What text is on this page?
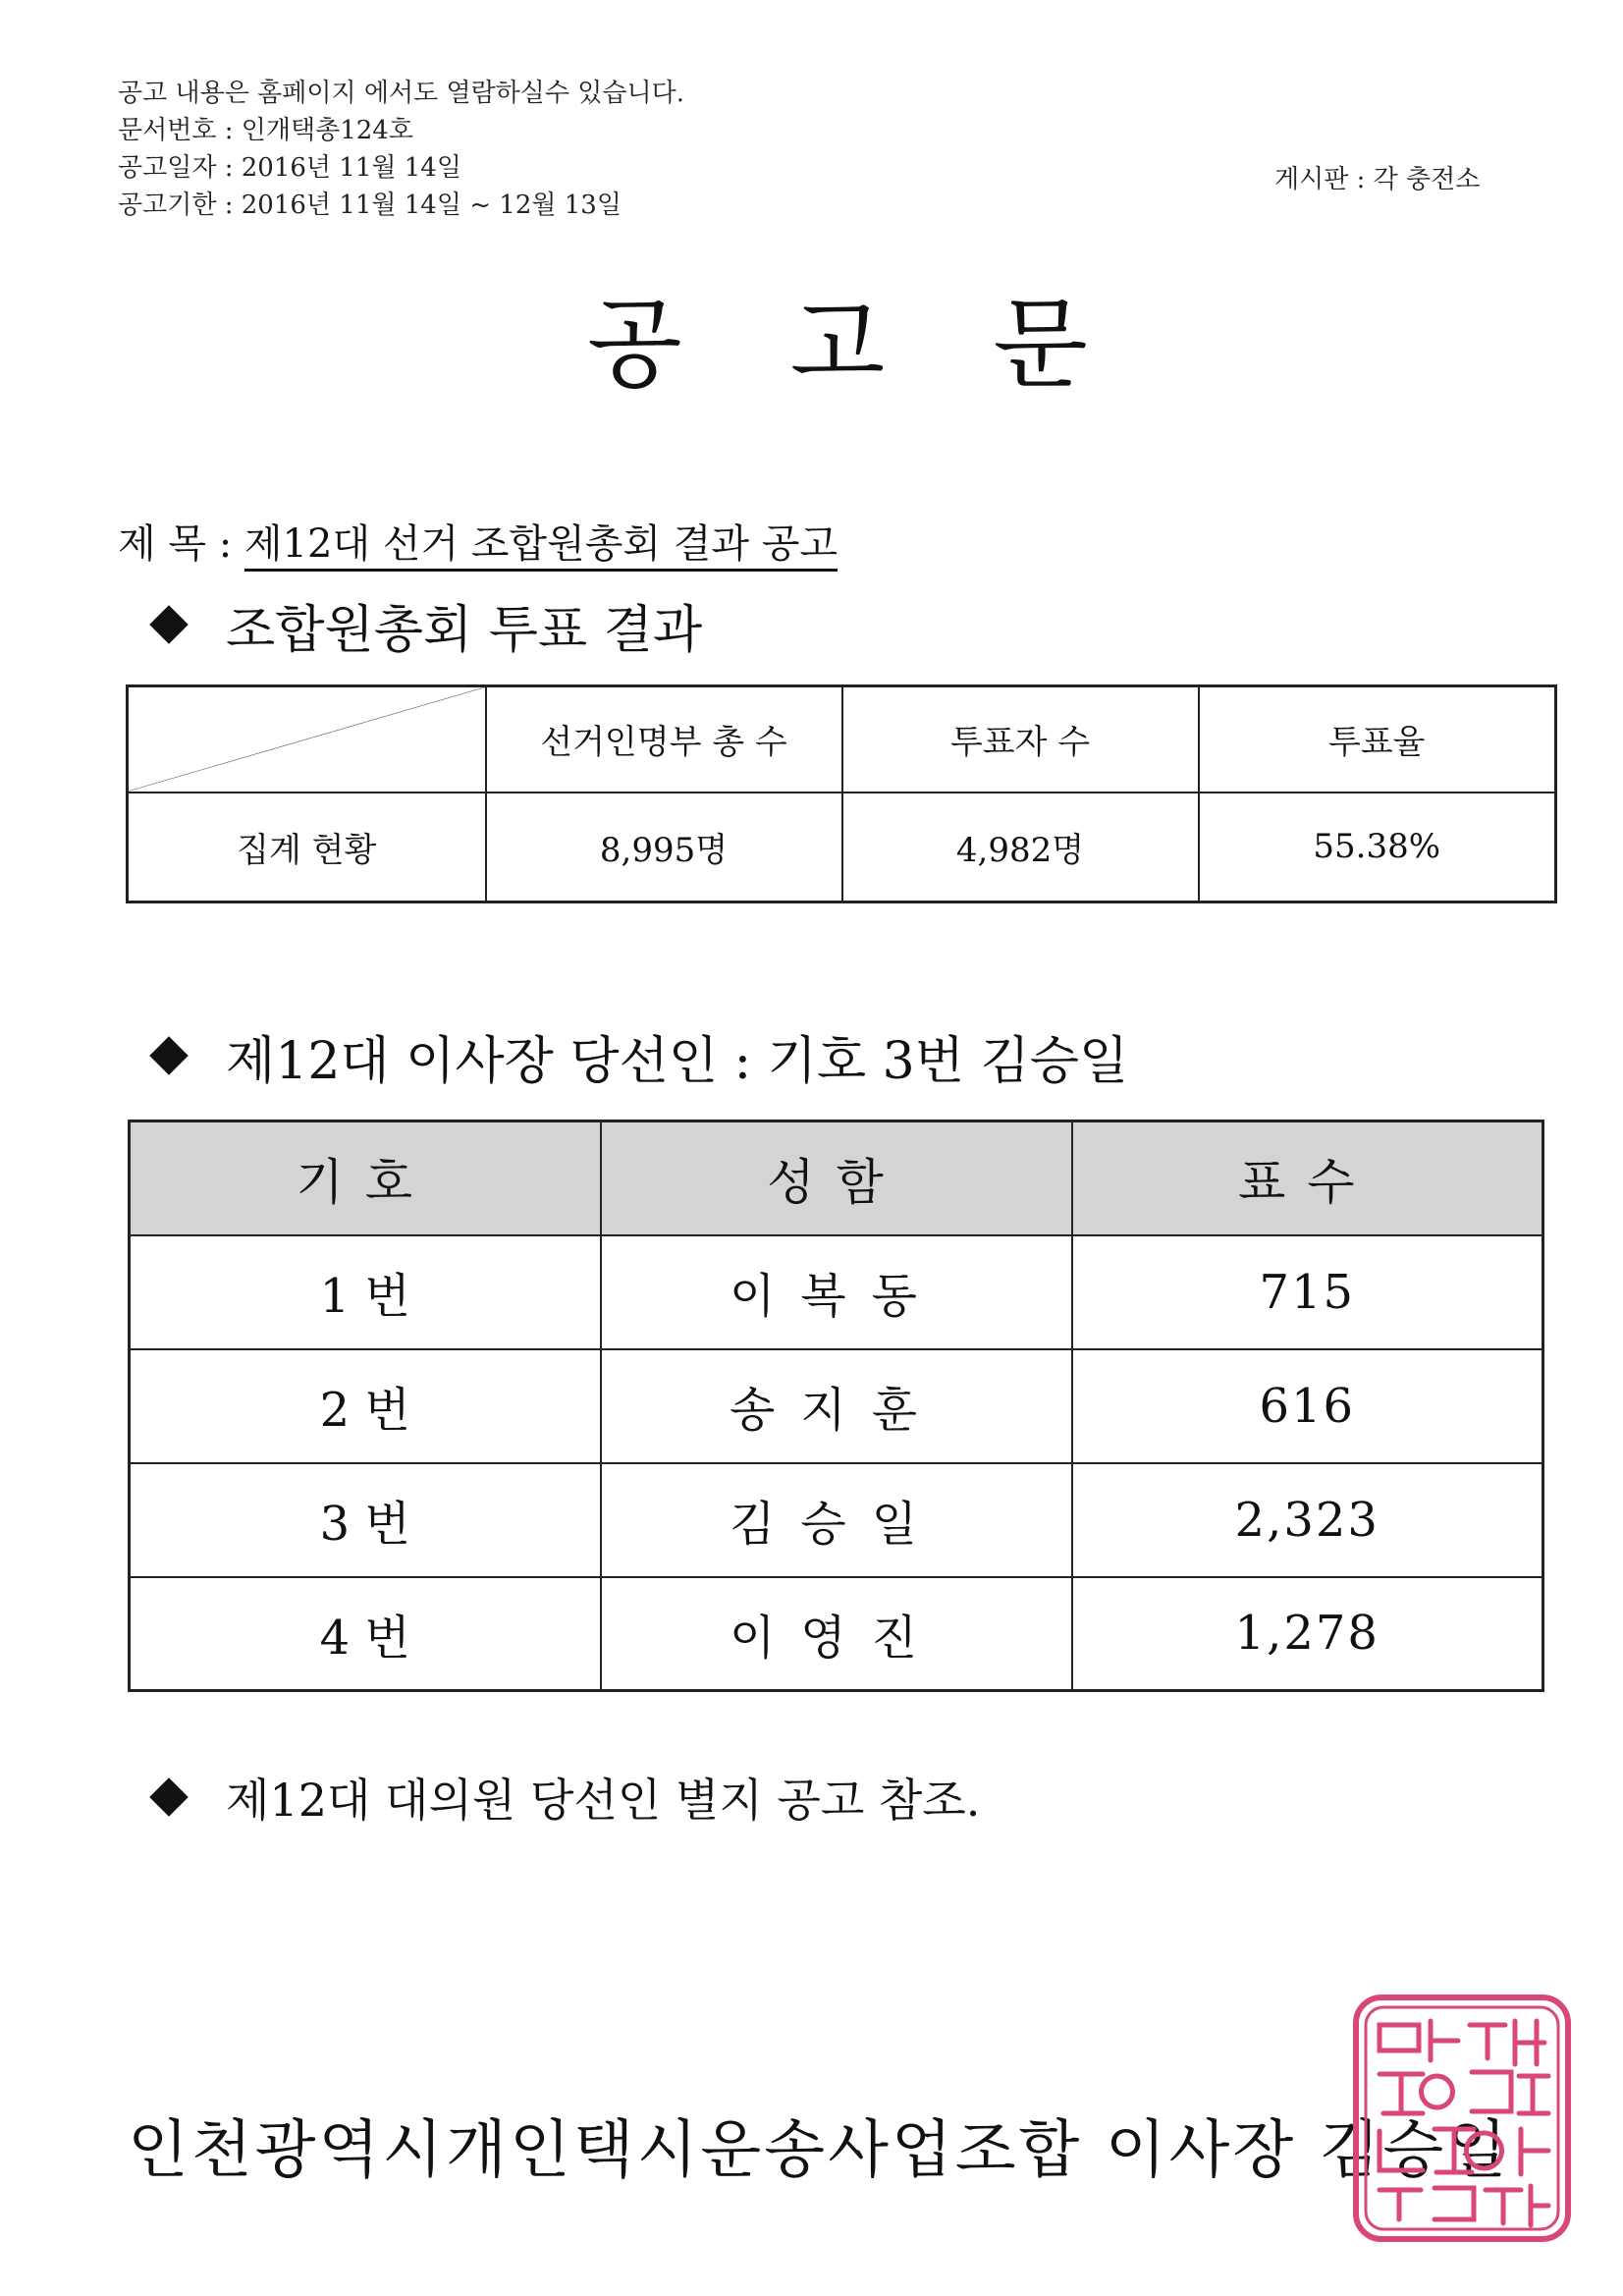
공고 내용은 홈페이지 에서도 열람하실수 있습니다.
문서번호 : 인개택총124호
공고일자 : 2016년 11월 14일
공고기한 : 2016년 11월 14일 ~ 12월 13일
게시판 : 각 충전소
공고문
제 목 : 제12대 선거 조합원총회 결과 공고
조합원총회 투표 결과
	선거인명부 총 수	투표자 수	투표율
집계 현황	8,995명	4,982명	55.38%
제12대 이사장 당선인 : 기호 3번 김승일
기호	성함	표수
1 번	이복동	715
2 번	송지훈	616
3 번	김승일	2,323
4 번	이영진	1,278
제12대 대의원 당선인 별지 공고 참조.
인천광역시개인택시운송사업조합 이사장 김승일
